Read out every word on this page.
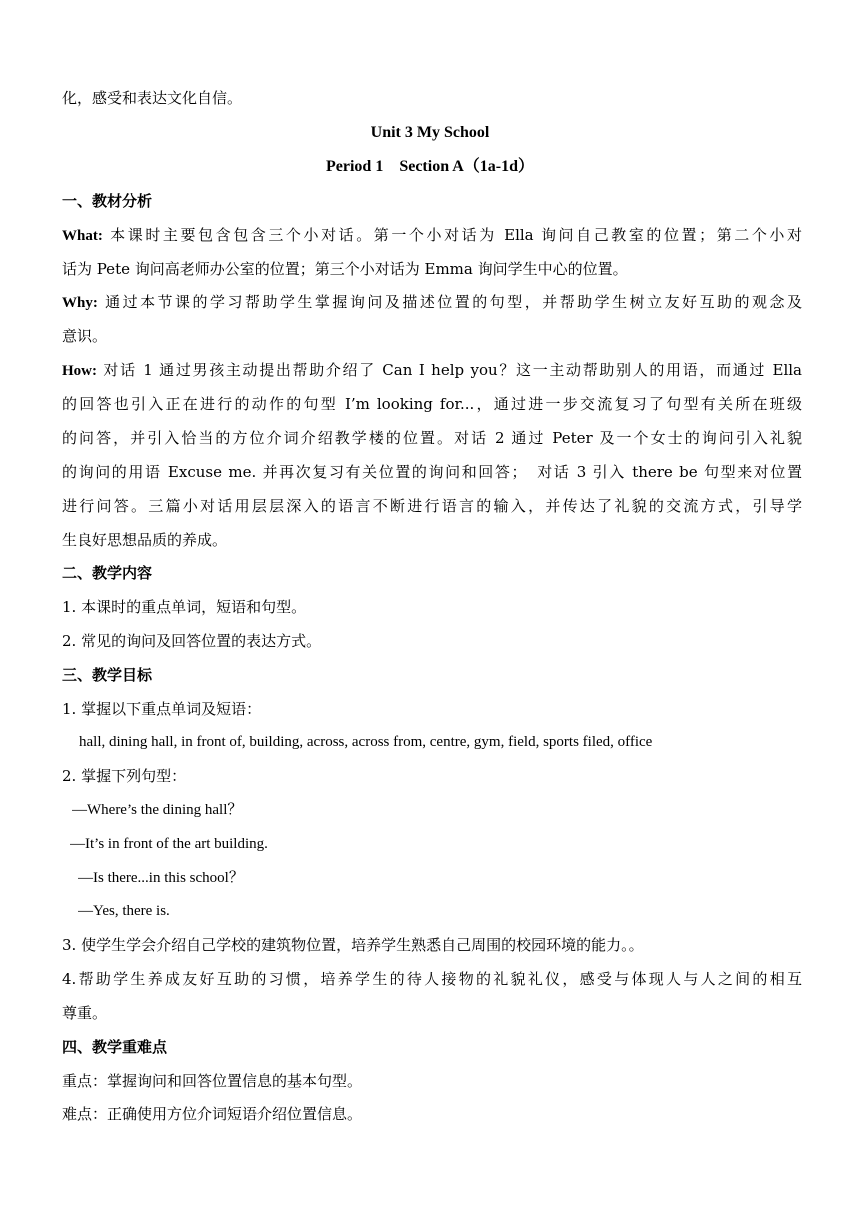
化，感受和表达文化自信。
Unit 3 My School
Period 1　Section A（1a-1d）
一、教材分析
What: 本课时主要包含包含三个小对话。第一个小对话为 Ella 询问自己教室的位置；第二个小对
话为 Pete 询问高老师办公室的位置；第三个小对话为 Emma 询问学生中心的位置。
Why: 通过本节课的学习帮助学生掌握询问及描述位置的句型，并帮助学生树立友好互助的观念及
意识。
How: 对话 1 通过男孩主动提出帮助介绍了 Can I help you？这一主动帮助别人的用语，而通过 Ella
的回答也引入正在进行的动作的句型 I’m looking for...，通过进一步交流复习了句型有关所在班级
的问答，并引入恰当的方位介词介绍教学楼的位置。对话 2 通过 Peter 及一个女士的询问引入礼貌
的询问的用语 Excuse me. 并再次复习有关位置的询问和回答；　对话 3 引入 there be 句型来对位置
进行问答。三篇小对话用层层深入的语言不断进行语言的输入，并传达了礼貌的交流方式，引导学
生良好思想品质的养成。
二、教学内容
1. 本课时的重点单词，短语和句型。
2. 常见的询问及回答位置的表达方式。
三、教学目标
1. 掌握以下重点单词及短语：
hall, dining hall, in front of, building, across, across from, centre, gym, field, sports filed, office
2. 掌握下列句型：
—Where’s the dining hall？
—It’s in front of the art building.
—Is there...in this school？
—Yes, there is.
3. 使学生学会介绍自己学校的建筑物位置，培养学生熟悉自己周围的校园环境的能力。。
4.帮助学生养成友好互助的习惯，培养学生的待人接物的礼貌礼仪，感受与体现人与人之间的相互
尊重。
四、教学重难点
重点：掌握询问和回答位置信息的基本句型。
难点：正确使用方位介词短语介绍位置信息。
